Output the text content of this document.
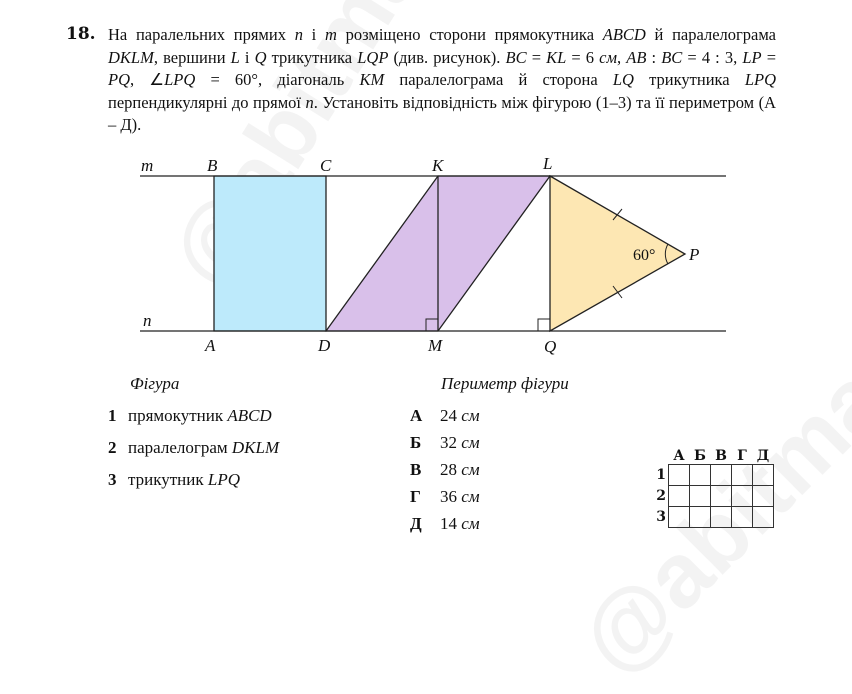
18. На паралельних прямих n і m розміщено сторони прямокутника ABCD й паралелограма DKLM, вершини L і Q трикутника LQP (див. рисунок). BC = KL = 6 см, AB : BC = 4 : 3, LP = PQ, ∠LPQ = 60°, діагональ KM паралелограма й сторона LQ трикутника LPQ перпендикулярні до прямої n. Установіть відповідність між фігурою (1–3) та її периметром (А – Д).
m
n
B	C	K	L
A	D	M	Q
P
60°
Фігура	Периметр фігури
1 прямокутник ABCD
2 паралелограм DKLM
3 трикутник LPQ
А 24 см
Б 32 см
В 28 см
Г 36 см
Д 14 см
	А	Б	В	Г	Д
1					
2					
3					
